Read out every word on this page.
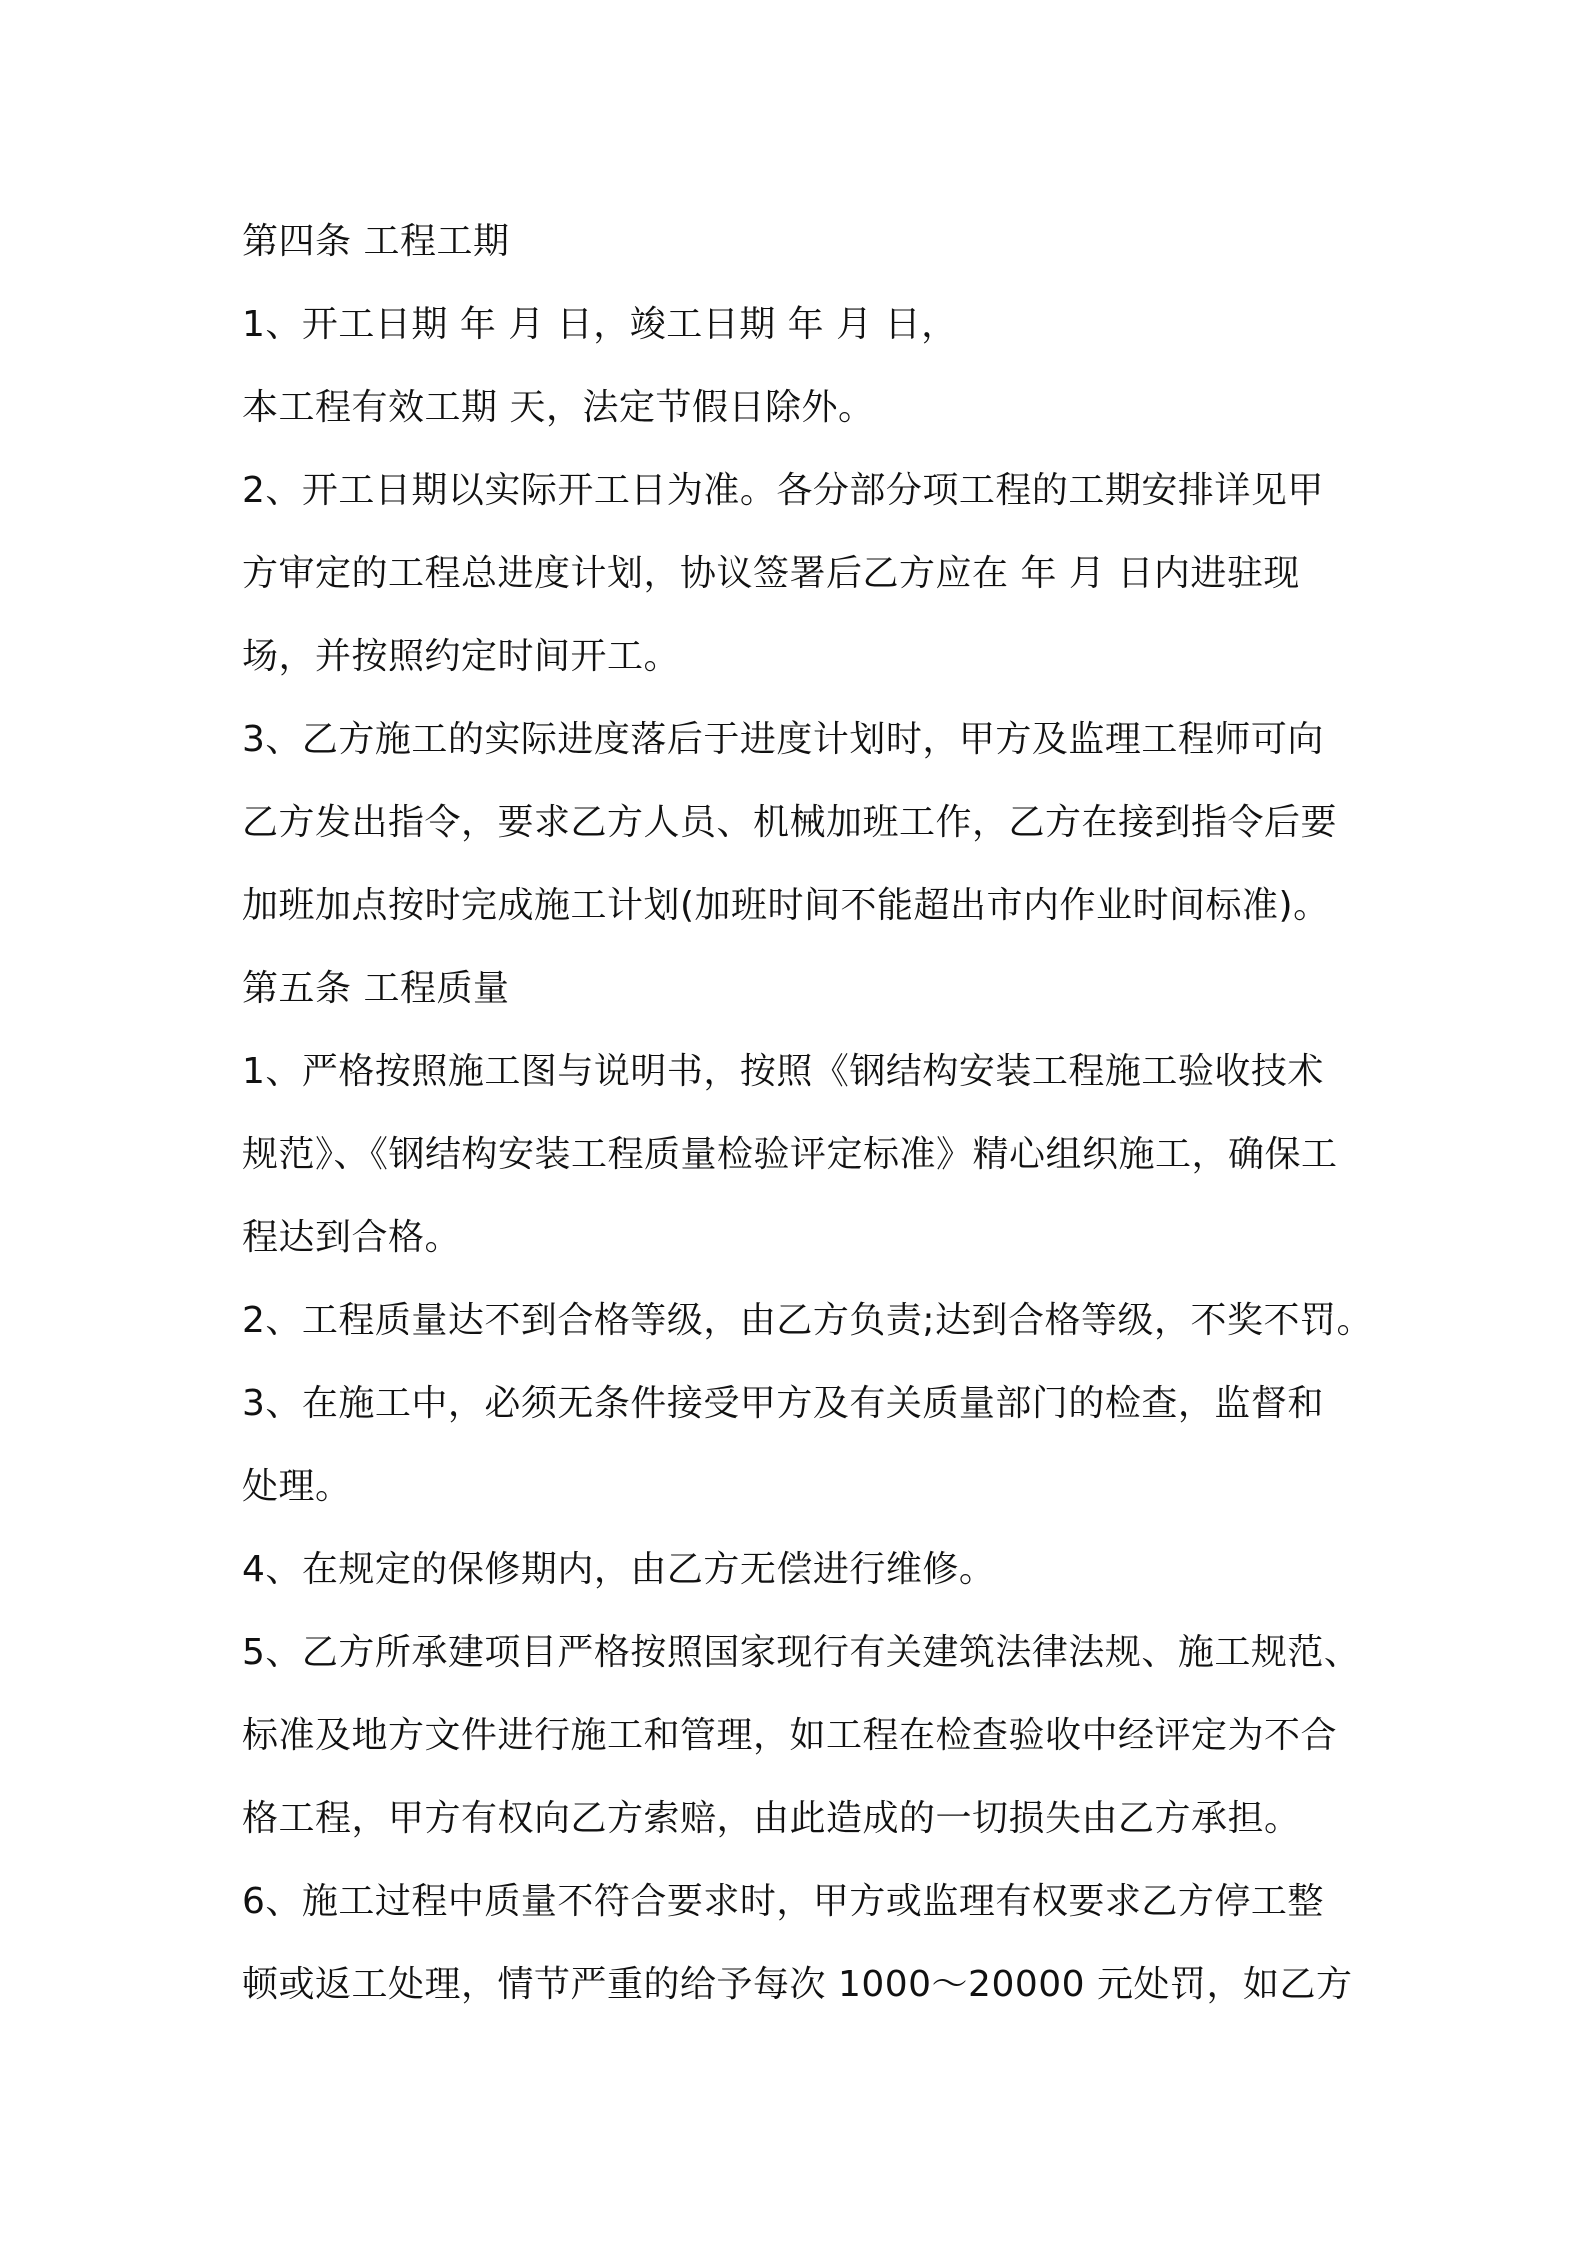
第四条 工程工期
1、开工日期 年 月 日，竣工日期 年 月 日，
本工程有效工期 天，法定节假日除外。
2、开工日期以实际开工日为准。各分部分项工程的工期安排详见甲
方审定的工程总进度计划，协议签署后乙方应在 年 月 日内进驻现
场，并按照约定时间开工。
3、乙方施工的实际进度落后于进度计划时，甲方及监理工程师可向
乙方发出指令，要求乙方人员、机械加班工作，乙方在接到指令后要
加班加点按时完成施工计划(加班时间不能超出市内作业时间标准)。
第五条 工程质量
1、严格按照施工图与说明书，按照《钢结构安装工程施工验收技术
规范》、《钢结构安装工程质量检验评定标准》精心组织施工，确保工
程达到合格。
2、工程质量达不到合格等级，由乙方负责;达到合格等级，不奖不罚。
3、在施工中，必须无条件接受甲方及有关质量部门的检查，监督和
处理。
4、在规定的保修期内，由乙方无偿进行维修。
5、乙方所承建项目严格按照国家现行有关建筑法律法规、施工规范、
标准及地方文件进行施工和管理，如工程在检查验收中经评定为不合
格工程，甲方有权向乙方索赔，由此造成的一切损失由乙方承担。
6、施工过程中质量不符合要求时，甲方或监理有权要求乙方停工整
顿或返工处理，情节严重的给予每次 1000～20000 元处罚，如乙方
